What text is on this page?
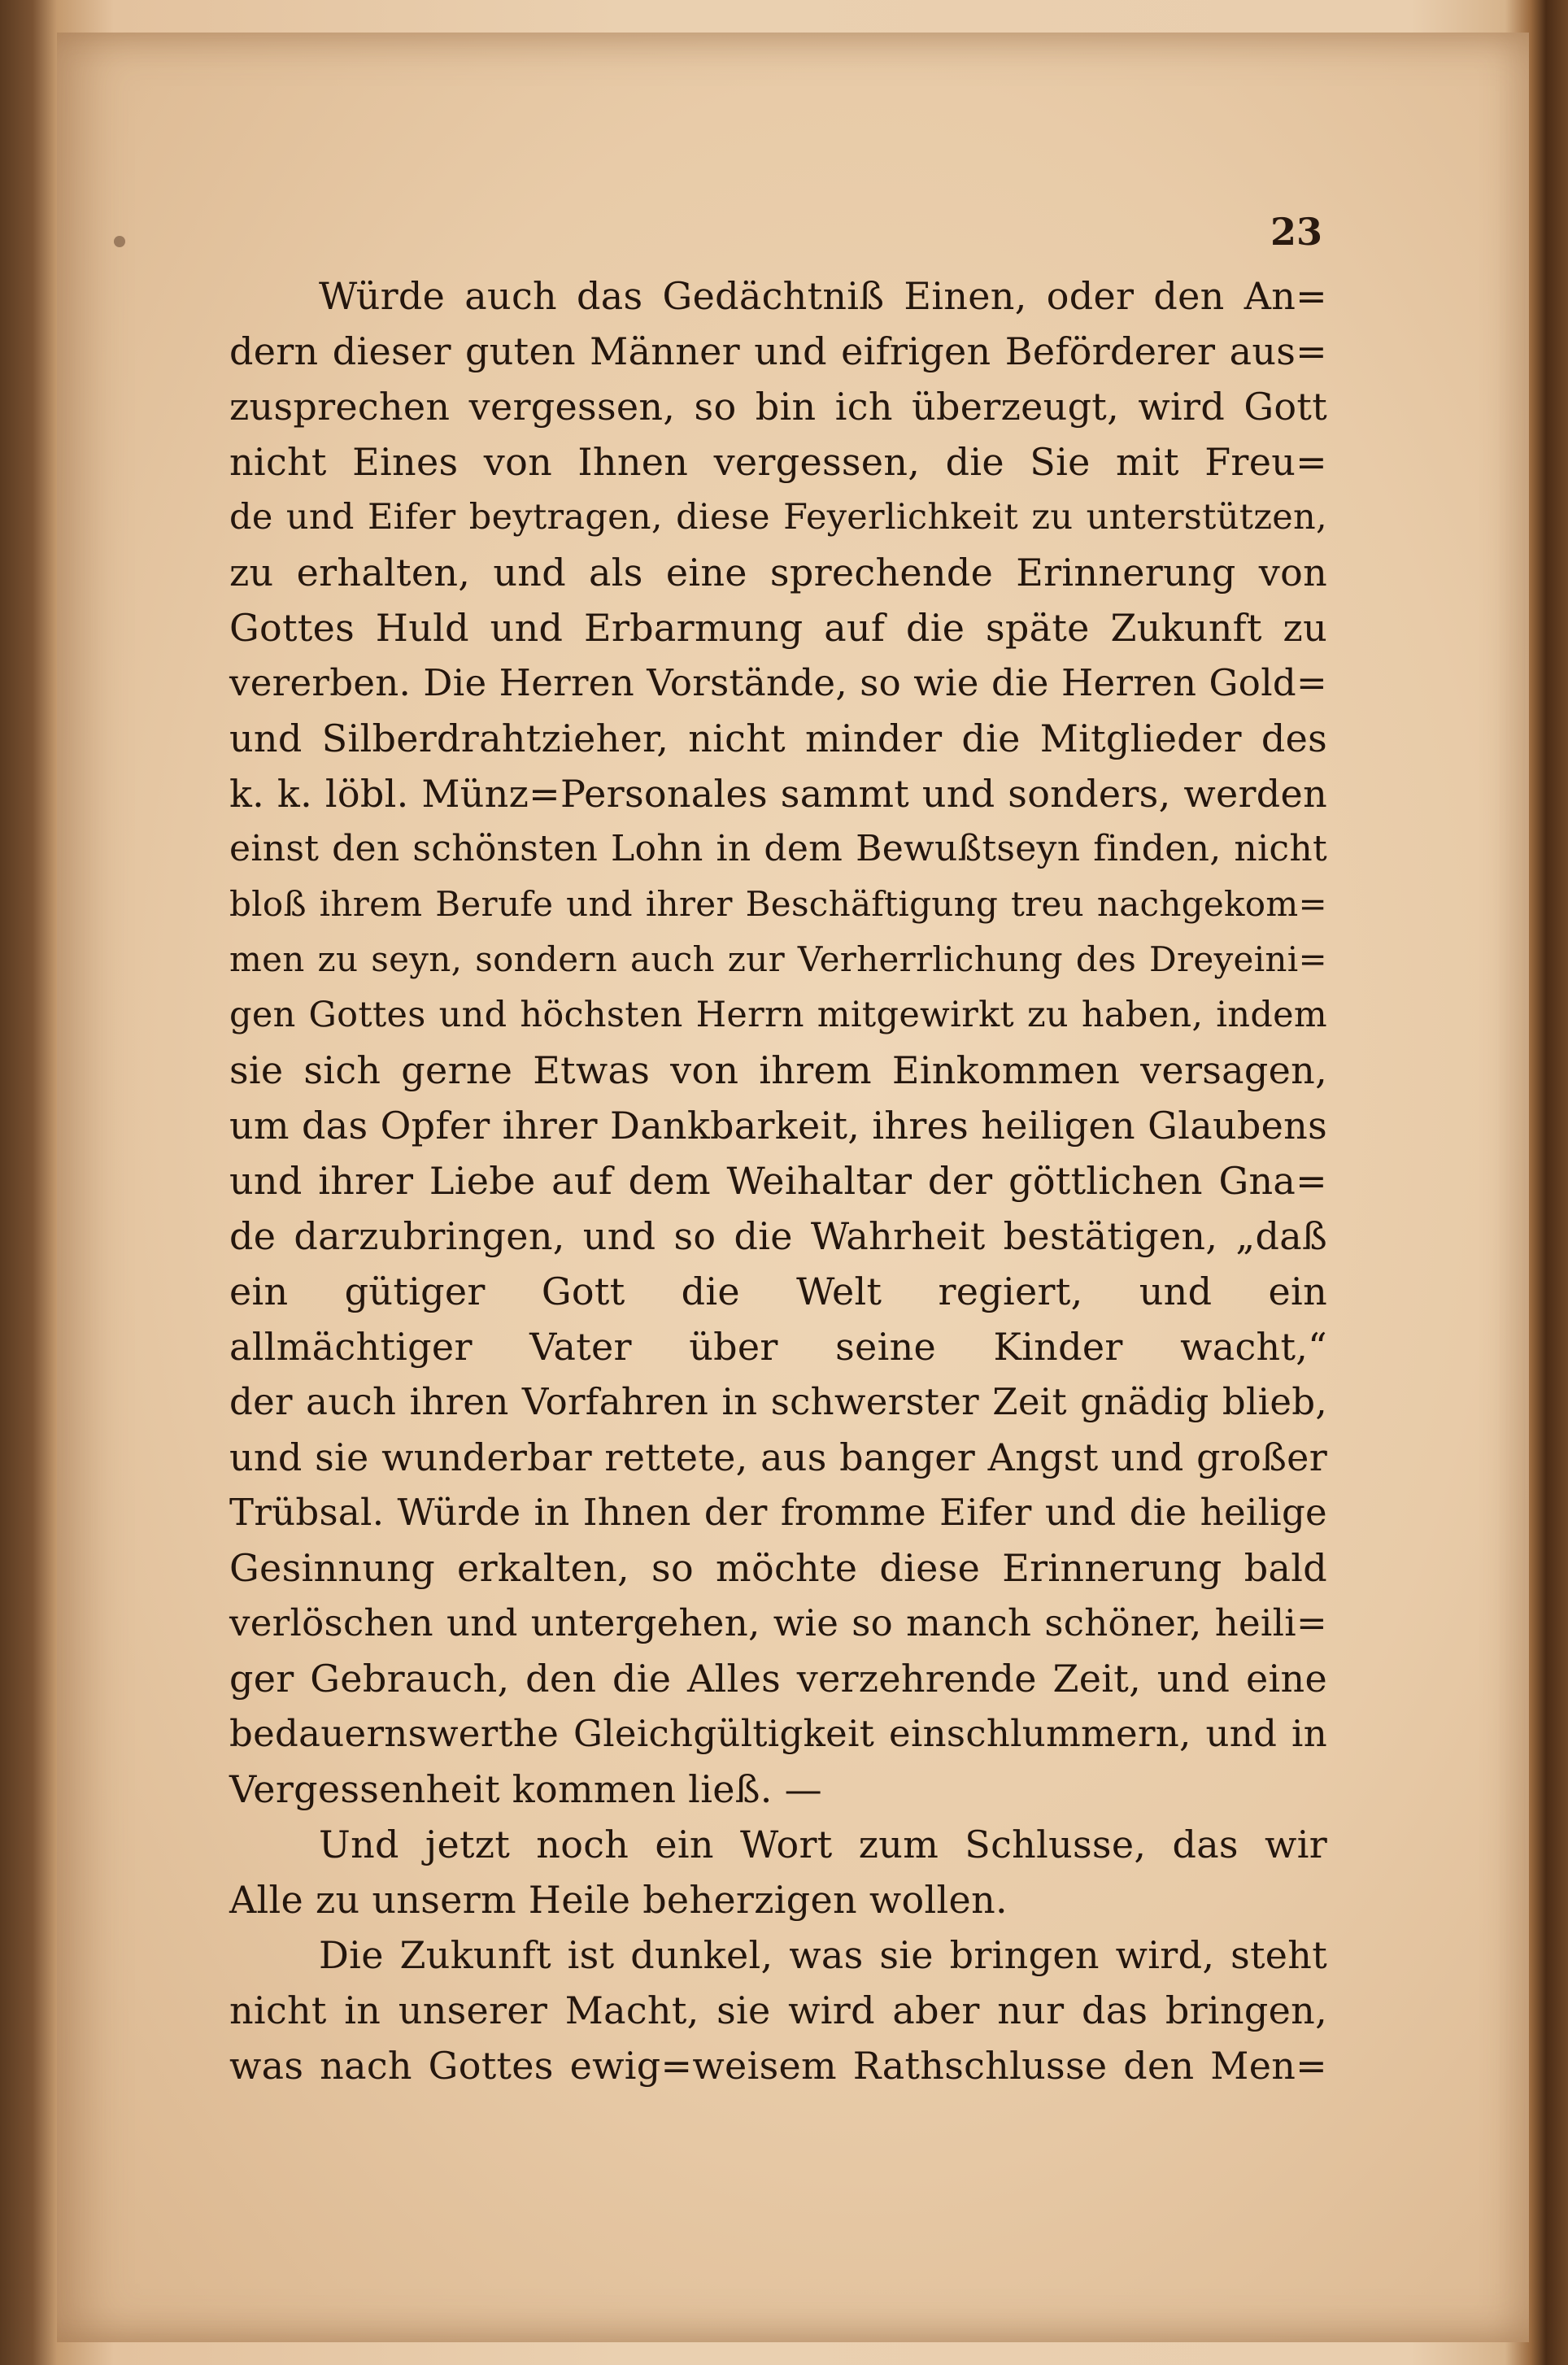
23
Würde auch das Gedächtniß Einen, oder den An=
dern dieser guten Männer und eifrigen Beförderer aus=
zusprechen vergessen, so bin ich überzeugt, wird Gott
nicht Eines von Ihnen vergessen, die Sie mit Freu=
de und Eifer beytragen, diese Feyerlichkeit zu unterstützen,
zu erhalten, und als eine sprechende Erinnerung von
Gottes Huld und Erbarmung auf die späte Zukunft zu
vererben. Die Herren Vorstände, so wie die Herren Gold=
und Silberdrahtzieher, nicht minder die Mitglieder des
k. k. löbl. Münz=Personales sammt und sonders, werden
einst den schönsten Lohn in dem Bewußtseyn finden, nicht
bloß ihrem Berufe und ihrer Beschäftigung treu nachgekom=
men zu seyn, sondern auch zur Verherrlichung des Dreyeini=
gen Gottes und höchsten Herrn mitgewirkt zu haben, indem
sie sich gerne Etwas von ihrem Einkommen versagen,
um das Opfer ihrer Dankbarkeit, ihres heiligen Glaubens
und ihrer Liebe auf dem Weihaltar der göttlichen Gna=
de darzubringen, und so die Wahrheit bestätigen, „daß
ein gütiger Gott die Welt regiert, und ein
allmächtiger Vater über seine Kinder wacht,“
der auch ihren Vorfahren in schwerster Zeit gnädig blieb,
und sie wunderbar rettete, aus banger Angst und großer
Trübsal. Würde in Ihnen der fromme Eifer und die heilige
Gesinnung erkalten, so möchte diese Erinnerung bald
verlöschen und untergehen, wie so manch schöner, heili=
ger Gebrauch, den die Alles verzehrende Zeit, und eine
bedauernswerthe Gleichgültigkeit einschlummern, und in
Vergessenheit kommen ließ. —
Und jetzt noch ein Wort zum Schlusse, das wir
Alle zu unserm Heile beherzigen wollen.
Die Zukunft ist dunkel, was sie bringen wird, steht
nicht in unserer Macht, sie wird aber nur das bringen,
was nach Gottes ewig=weisem Rathschlusse den Men=
